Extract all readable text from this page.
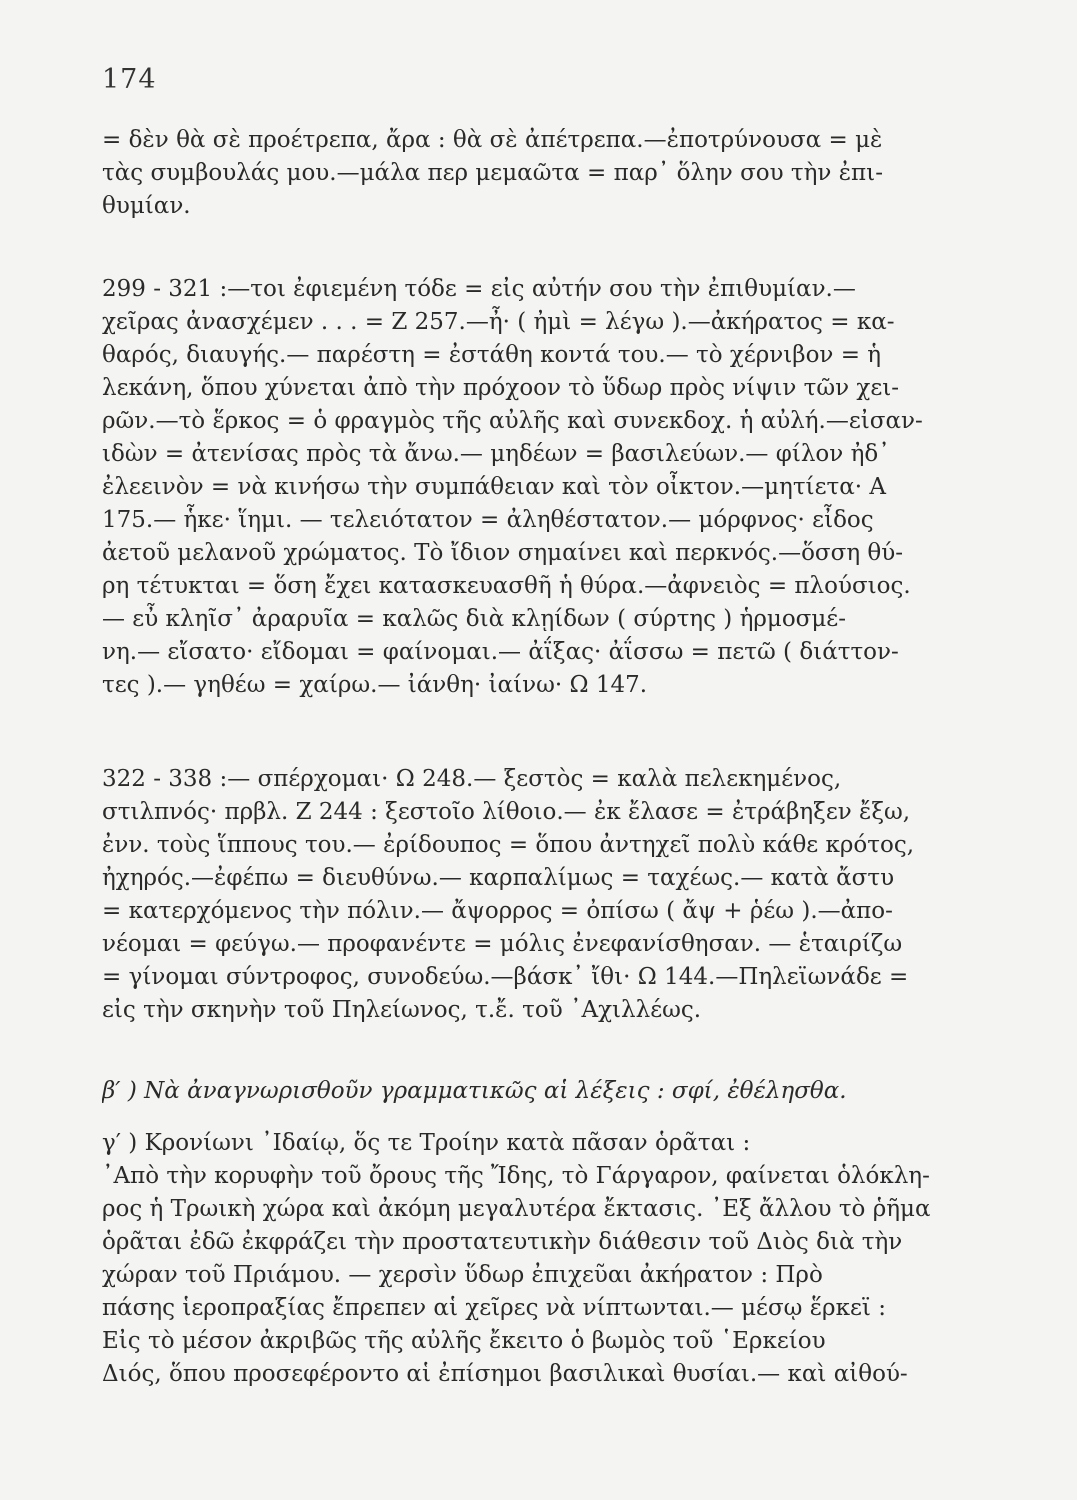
174
= δὲν θὰ σὲ προέτρεπα, ἄρα : θὰ σὲ ἀπέτρεπα.—ἐποτρύνουσα = μὲ
τὰς συμβουλάς μου.—μάλα περ μεμαῶτα = παρ᾿ ὅλην σου τὴν ἐπι-
θυμίαν.
299 - 321 :—τοι ἐφιεμένη τόδε = εἰς αὐτήν σου τὴν ἐπιθυμίαν.—
χεῖρας ἀνασχέμεν . . . = Ζ 257.—ἦ· ( ἠμὶ = λέγω ).—ἀκήρατος = κα-
θαρός, διαυγής.— παρέστη = ἐστάθη κοντά του.— τὸ χέρνιβον = ἡ
λεκάνη, ὅπου χύνεται ἀπὸ τὴν πρόχοον τὸ ὕδωρ πρὸς νίψιν τῶν χει-
ρῶν.—τὸ ἕρκος = ὁ φραγμὸς τῆς αὐλῆς καὶ συνεκδοχ. ἡ αὐλή.—εἰσαν-
ιδὼν = ἀτενίσας πρὸς τὰ ἄνω.— μηδέων = βασιλεύων.— φίλον ἠδ᾿
ἐλεεινὸν = νὰ κινήσω τὴν συμπάθειαν καὶ τὸν οἶκτον.—μητίετα· Α
175.— ἧκε· ἵημι. — τελειότατον = ἀληθέστατον.— μόρφνος· εἶδος
ἀετοῦ μελανοῦ χρώματος. Τὸ ἴδιον σημαίνει καὶ περκνός.—ὅσση θύ-
ρη τέτυκται = ὅση ἔχει κατασκευασθῆ ἡ θύρα.—ἀφνειὸς = πλούσιος.
— εὖ κληῖσ᾿ ἀραρυῖα = καλῶς διὰ κλῃίδων ( σύρτης ) ἡρμοσμέ-
νη.— εἴσατο· εἴδομαι = φαίνομαι.— ἀΐξας· ἀΐσσω = πετῶ ( διάττον-
τες ).— γηθέω = χαίρω.— ἰάνθη· ἰαίνω· Ω 147.
322 - 338 :— σπέρχομαι· Ω 248.— ξεστὸς = καλὰ πελεκημένος,
στιλπνός· πρβλ. Ζ 244 : ξεστοῖο λίθοιο.— ἐκ ἔλασε = ἐτράβηξεν ἔξω,
ἐνν. τοὺς ἵππους του.— ἐρίδουπος = ὅπου ἀντηχεῖ πολὺ κάθε κρότος,
ἠχηρός.—ἐφέπω = διευθύνω.— καρπαλίμως = ταχέως.— κατὰ ἄστυ
= κατερχόμενος τὴν πόλιν.— ἄψορρος = ὀπίσω ( ἄψ + ῥέω ).—ἀπο-
νέομαι = φεύγω.— προφανέντε = μόλις ἐνεφανίσθησαν. — ἑταιρίζω
= γίνομαι σύντροφος, συνοδεύω.—βάσκ᾿ ἴθι· Ω 144.—Πηλεϊωνάδε =
εἰς τὴν σκηνὴν τοῦ Πηλείωνος, τ.ἔ. τοῦ ᾿Αχιλλέως.
β′ ) Νὰ ἀναγνωρισθοῦν γραμματικῶς αἱ λέξεις : σφί, ἐθέλησθα.
γ′ ) Κρονίωνι ᾿Ιδαίῳ, ὅς τε Τροίην κατὰ πᾶσαν ὁρᾶται :
᾿Απὸ τὴν κορυφὴν τοῦ ὄρους τῆς Ἴδης, τὸ Γάργαρον, φαίνεται ὁλόκλη-
ρος ἡ Τρωικὴ χώρα καὶ ἀκόμη μεγαλυτέρα ἔκτασις. ᾿Εξ ἄλλου τὸ ῥῆμα
ὁρᾶται ἐδῶ ἐκφράζει τὴν προστατευτικὴν διάθεσιν τοῦ Διὸς διὰ τὴν
χώραν τοῦ Πριάμου. — χερσὶν ὕδωρ ἐπιχεῦαι ἀκήρατον : Πρὸ
πάσης ἱεροπραξίας ἔπρεπεν αἱ χεῖρες νὰ νίπτωνται.— μέσῳ ἕρκεϊ :
Εἰς τὸ μέσον ἀκριβῶς τῆς αὐλῆς ἔκειτο ὁ βωμὸς τοῦ ῾Ερκείου
Διός, ὅπου προσεφέροντο αἱ ἐπίσημοι βασιλικαὶ θυσίαι.— καὶ αἰθού-
